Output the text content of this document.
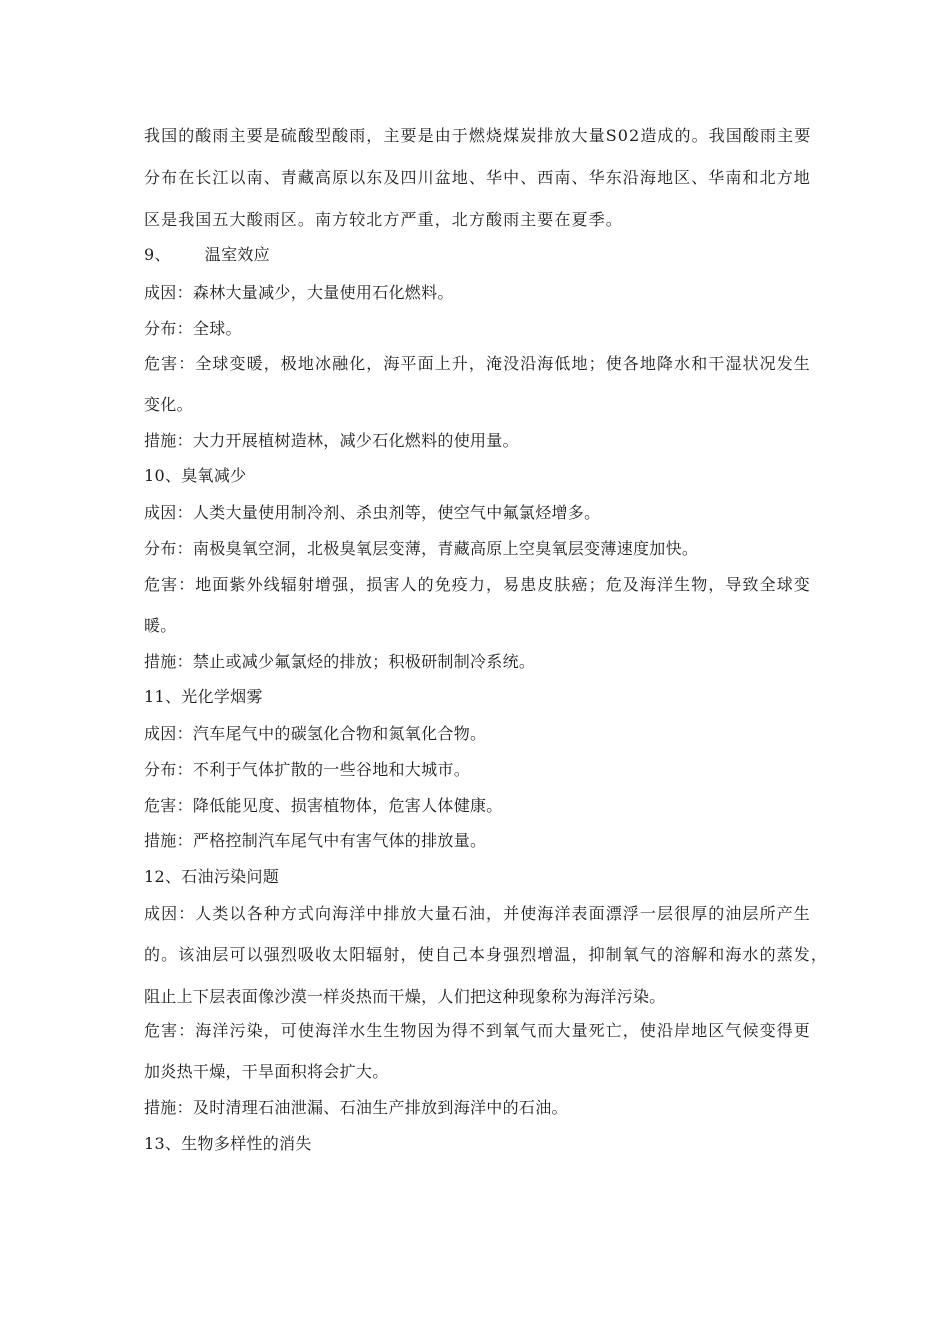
我国的酸雨主要是硫酸型酸雨，主要是由于燃烧煤炭排放大量S02造成的。我国酸雨主要
分布在长江以南、青藏高原以东及四川盆地、华中、西南、华东沿海地区、华南和北方地
区是我国五大酸雨区。南方较北方严重，北方酸雨主要在夏季。
9、 温室效应
成因：森林大量减少，大量使用石化燃料。
分布：全球。
危害：全球变暖，极地冰融化，海平面上升，淹没沿海低地；使各地降水和干湿状况发生
变化。
措施：大力开展植树造林，减少石化燃料的使用量。
10、臭氧减少
成因：人类大量使用制冷剂、杀虫剂等，使空气中氟氯烃增多。
分布：南极臭氧空洞，北极臭氧层变薄，青藏高原上空臭氧层变薄速度加快。
危害：地面紫外线辐射增强，损害人的免疫力，易患皮肤癌；危及海洋生物，导致全球变
暖。
措施：禁止或减少氟氯烃的排放；积极研制制冷系统。
11、光化学烟雾
成因：汽车尾气中的碳氢化合物和氮氧化合物。
分布：不利于气体扩散的一些谷地和大城市。
危害：降低能见度、损害植物体，危害人体健康。
措施：严格控制汽车尾气中有害气体的排放量。
12、石油污染问题
成因：人类以各种方式向海洋中排放大量石油，并使海洋表面漂浮一层很厚的油层所产生
的。该油层可以强烈吸收太阳辐射，使自己本身强烈增温，抑制氧气的溶解和海水的蒸发，
阻止上下层表面像沙漠一样炎热而干燥，人们把这种现象称为海洋污染。
危害：海洋污染，可使海洋水生生物因为得不到氧气而大量死亡，使沿岸地区气候变得更
加炎热干燥，干旱面积将会扩大。
措施：及时清理石油泄漏、石油生产排放到海洋中的石油。
13、生物多样性的消失
